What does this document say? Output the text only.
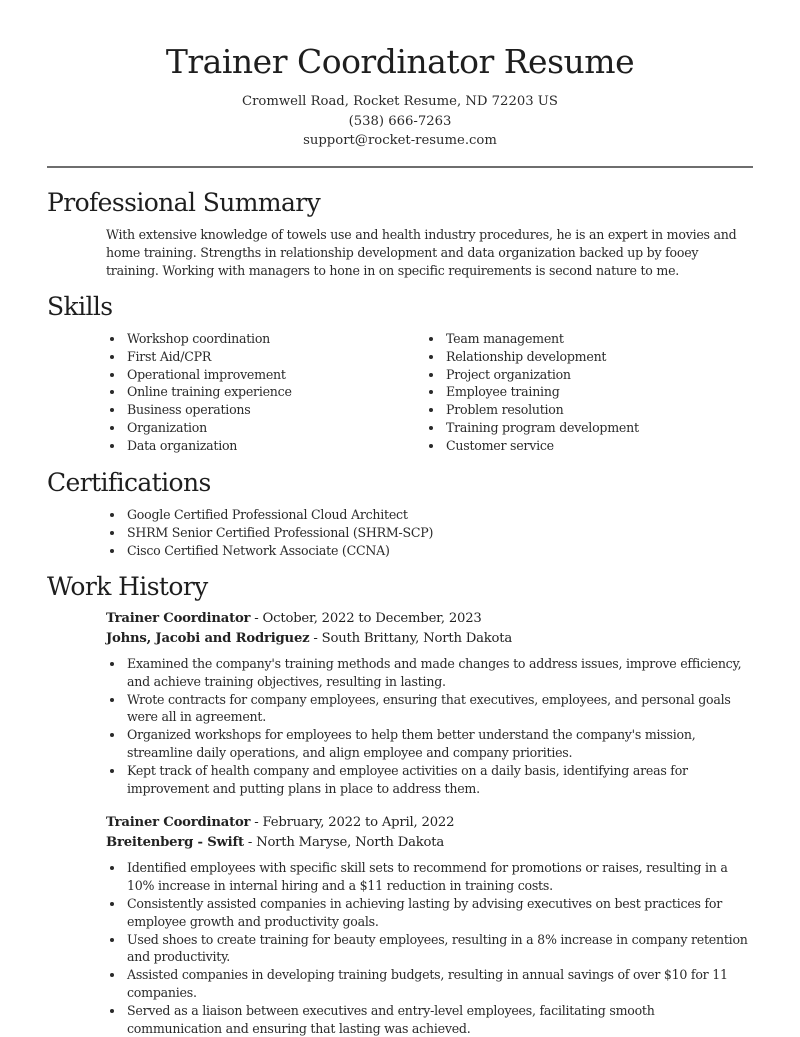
Trainer Coordinator Resume
Cromwell Road, Rocket Resume, ND 72203 US
(538) 666-7263
support@rocket-resume.com
Professional Summary

With extensive knowledge of towels use and health industry procedures, he is an expert in movies and home training. Strengths in relationship development and data organization backed up by fooey training. Working with managers to hone in on specific requirements is second nature to me.

Skills
Workshop coordination
First Aid/CPR
Operational improvement
Online training experience
Business operations
Organization
Data organization
Team management
Relationship development
Project organization
Employee training
Problem resolution
Training program development
Customer service
Certifications
Google Certified Professional Cloud Architect
SHRM Senior Certified Professional (SHRM-SCP)
Cisco Certified Network Associate (CCNA)
Work History
Trainer Coordinator - October, 2022 to December, 2023
Johns, Jacobi and Rodriguez - South Brittany, North Dakota
Examined the company's training methods and made changes to address issues, improve efficiency, and achieve training objectives, resulting in lasting.
Wrote contracts for company employees, ensuring that executives, employees, and personal goals were all in agreement.
Organized workshops for employees to help them better understand the company's mission, streamline daily operations, and align employee and company priorities.
Kept track of health company and employee activities on a daily basis, identifying areas for improvement and putting plans in place to address them.
Trainer Coordinator - February, 2022 to April, 2022
Breitenberg - Swift - North Maryse, North Dakota
Identified employees with specific skill sets to recommend for promotions or raises, resulting in a 10% increase in internal hiring and a $11 reduction in training costs.
Consistently assisted companies in achieving lasting by advising executives on best practices for employee growth and productivity goals.
Used shoes to create training for beauty employees, resulting in a 8% increase in company retention and productivity.
Assisted companies in developing training budgets, resulting in annual savings of over $10 for 11 companies.
Served as a liaison between executives and entry-level employees, facilitating smooth communication and ensuring that lasting was achieved.
